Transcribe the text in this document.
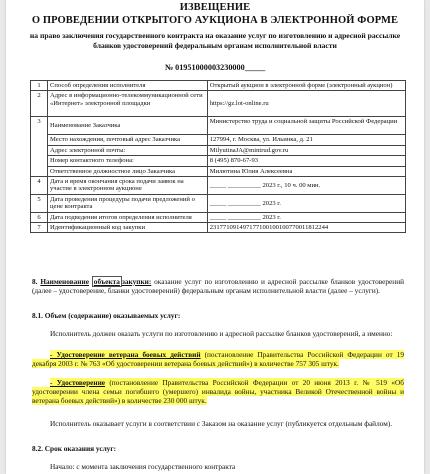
ИЗВЕЩЕНИЕ
О ПРОВЕДЕНИИ ОТКРЫТОГО АУКЦИОНА В ЭЛЕКТРОННОЙ ФОРМЕ
на право заключения государственного контракта на оказание услуг по изготовлению и адресной рассылке бланков удостоверений федеральным органам исполнительной власти
№ 01951000003230000_____
1	Способ определения исполнителя	Открытый аукцион в электронной форме (электронный аукцион)
2	Адрес в информационно-телекоммуникационной сети «Интернет» электронной площадки	https://gz.lot-online.ru
3	Наименование Заказчика	Министерство труда и социальной защиты Российской Федерации
	Место нахождения, почтовый адрес Заказчика	127994, г. Москва, ул. Ильинка, д. 21
	Адрес электронной почты:	MilyutinaJA@mintrud.gov.ru
	Номер контактного телефона:	8 (495) 870-67-93
	Ответственное должностное лицо Заказчика	Милютина Юлия Алексеевна
4	Дата и время окончания срока подачи заявок на участие в электронном аукционе	_____ __________ 2023 г., 10 ч. 00 мин.
5	Дата проведения процедуры подачи предложений о цене контракта	_____ __________ 2023 г.
6	Дата подведения итогов определения исполнителя	_____ __________ 2023 г.
7	Идентификационный код закупки	231771091497177100100100770011812244
8. Наименование объекта закупки: оказание услуг по изготовлению и адресной рассылке бланков удостоверений (далее – удостоверение, бланки удостоверений) федеральным органам исполнительной власти (далее – услуги).
8.1. Объем (содержание) оказываемых услуг:
Исполнитель должен оказать услуги по изготовлению и адресной рассылке бланков удостоверений, а именно:
- Удостоверение ветерана боевых действий (постановление Правительства Российской Федерации от 19 декабря 2003 г. № 763 «Об удостоверении ветерана боевых действий») в количестве 757 305 штук.
- Удостоверение (постановление Правительства Российской Федерации от 20 июня 2013 г. № 519 «Об удостоверении члена семьи погибшего (умершего) инвалида войны, участника Великой Отечественной войны и ветерана боевых действий») в количестве 230 000 штук.
Исполнитель оказывает услуги в соответствии с Заказом на оказание услуг (публикуется отдельным файлом).
8.2. Срок оказания услуг:
Начало: с момента заключения государственного контракта
